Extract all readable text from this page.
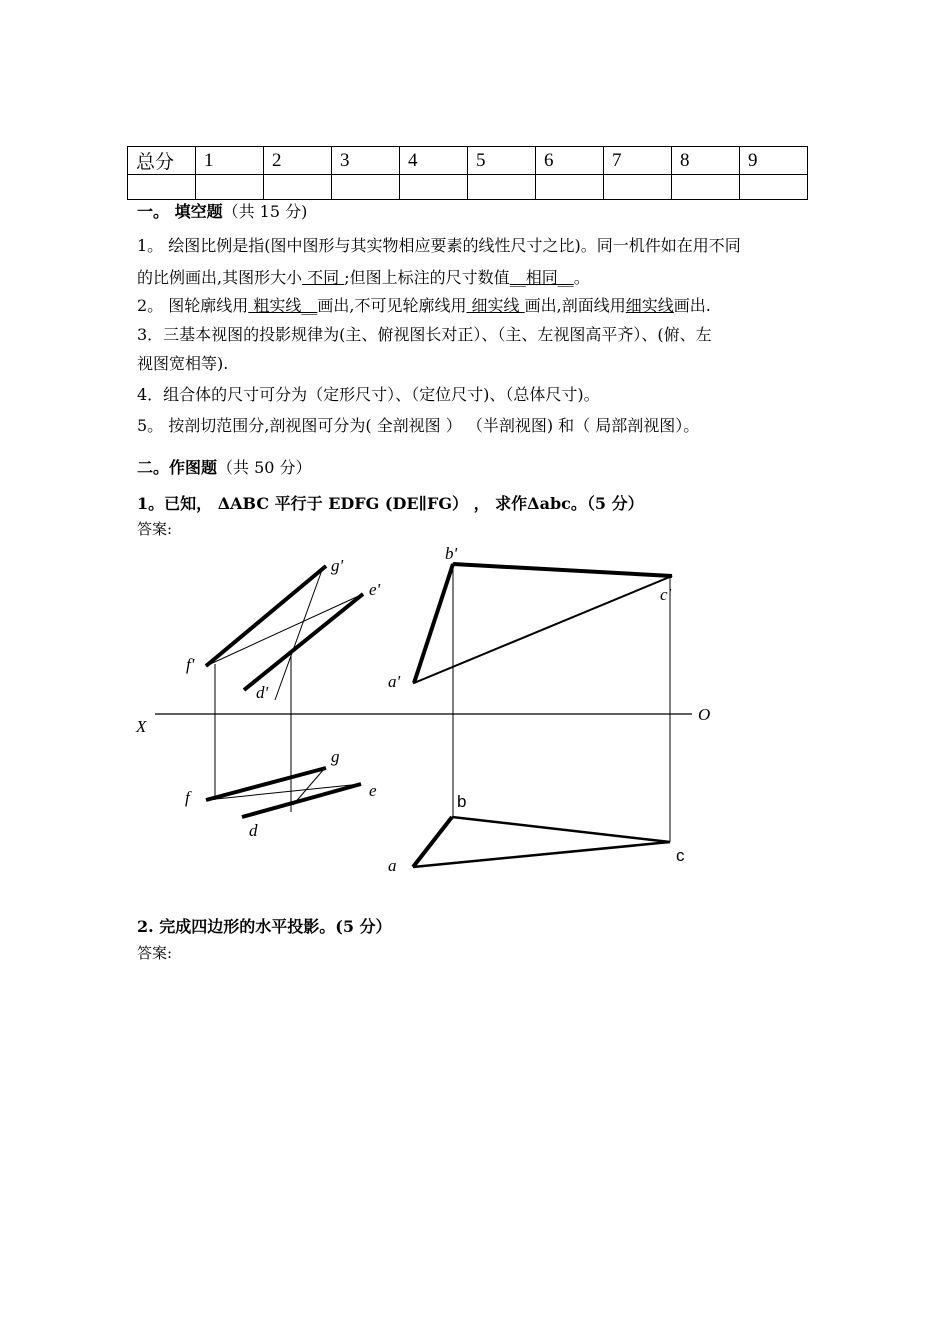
总分	1	2	3	4	5	6	7	8	9

一。 填空题（共 15 分)
1。 绘图比例是指(图中图形与其实物相应要素的线性尺寸之比)。同一机件如在用不同
的比例画出,其图形大小 不同 ;但图上标注的尺寸数值__相同__。
2。 图轮廓线用 粗实线__画出,不可见轮廓线用 细实线 画出,剖面线用细实线画出.
3．三基本视图的投影规律为(主、俯视图长对正）、（主、左视图高平齐）、(俯、左
视图宽相等).
4．组合体的尺寸可分为（定形尺寸）、（定位尺寸)、（总体尺寸)。
5。 按剖切范围分,剖视图可分为( 全剖视图 ） （半剖视图) 和（ 局部剖视图）。
二。作图题（共 50 分）
1。已知， ΔABC 平行于 EDFG (DE∥FG） ， 求作Δabc。（5 分）
答案:
g'
e'
f'
d'
b'
c'
a'
X
O
g
f	e
d
b
c
a
2. 完成四边形的水平投影。(5 分）
答案:
